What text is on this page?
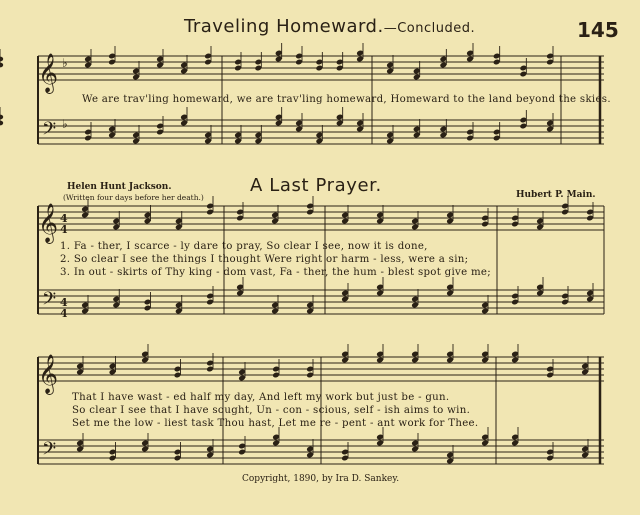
𝄞
𝄢
♭
♭
𝄞
𝄢
4
4
4
4
𝄞
𝄢
Traveling Homeward.—Concluded.	145
We are trav'ling homeward, we are trav'ling homeward, Homeward to the land beyond the skies.
A Last Prayer.
Helen Hunt Jackson.
(Written four days before her death.)	Hubert P. Main.
1. Fa - ther, I scarce - ly dare to pray, So clear I see, now it is done,
2. So clear I see the things I thought Were right or harm - less, were a sin;
3. In out - skirts of Thy king - dom vast, Fa - ther, the hum - blest spot give me;
That I have wast - ed half my day, And left my work but just be - gun.
So clear I see that I have sought, Un - con - scious, self - ish aims to win.
Set me the low - liest task Thou hast, Let me re - pent - ant work for Thee.
Copyright, 1890, by Ira D. Sankey.
